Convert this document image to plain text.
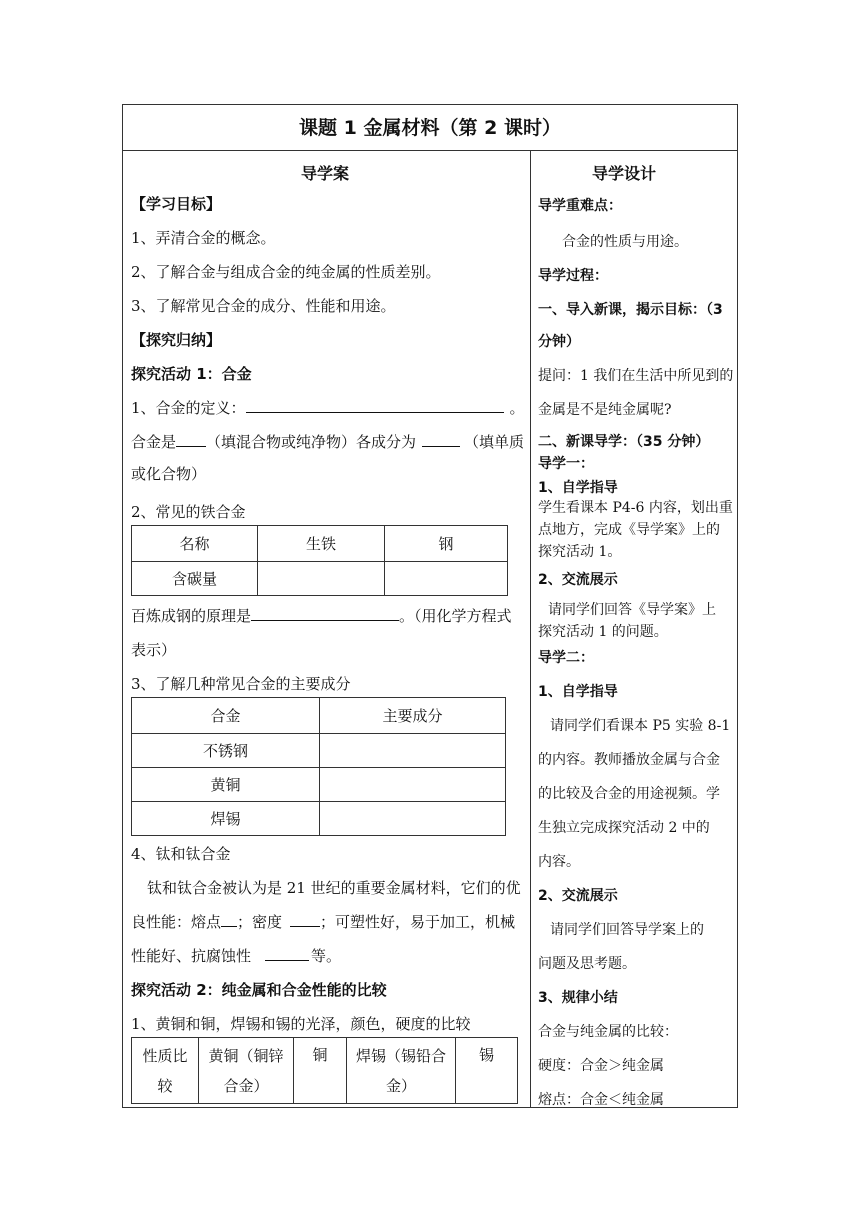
课题 1 金属材料（第 2 课时）
导学案
【学习目标】
1、弄清合金的概念。
2、了解合金与组成合金的纯金属的性质差别。
3、了解常见合金的成分、性能和用途。
【探究归纳】
探究活动 1：合金
1、合金的定义：	。
合金是 （填混合物或纯净物）各成分为	（填单质
或化合物）
2、常见的铁合金
名称	生铁	钢
含碳量		
百炼成钢的原理是	。（用化学方程式
表示）
3、了解几种常见合金的主要成分
合金	主要成分
不锈钢	
黄铜	
焊锡	
4、钛和钛合金
钛和钛合金被认为是 21 世纪的重要金属材料，它们的优
良性能：熔点 ；密度	；可塑性好，易于加工，机械
性能好、抗腐蚀性	等。
探究活动 2：纯金属和合金性能的比较
1、黄铜和铜，焊锡和锡的光泽，颜色，硬度的比较
性质比
较	黄铜（铜锌
合金）	铜	焊锡（锡铅合
金）	锡
导学设计
导学重难点：
合金的性质与用途。
导学过程：
一、导入新课，揭示目标：（3
分钟）
提问：1 我们在生活中所见到的
金属是不是纯金属呢?
二、新课导学：（35 分钟）
导学一：
1、自学指导
学生看课本 P4-6 内容，划出重
点地方，完成《导学案》上的
探究活动 1。
2、交流展示
请同学们回答《导学案》上
探究活动 1 的问题。
导学二：
1、自学指导
请同学们看课本 P5 实验 8-1
的内容。教师播放金属与合金
的比较及合金的用途视频。学
生独立完成探究活动 2 中的
内容。
2、交流展示
请同学们回答导学案上的
问题及思考题。
3、规律小结
合金与纯金属的比较：
硬度：合金＞纯金属
熔点：合金＜纯金属
